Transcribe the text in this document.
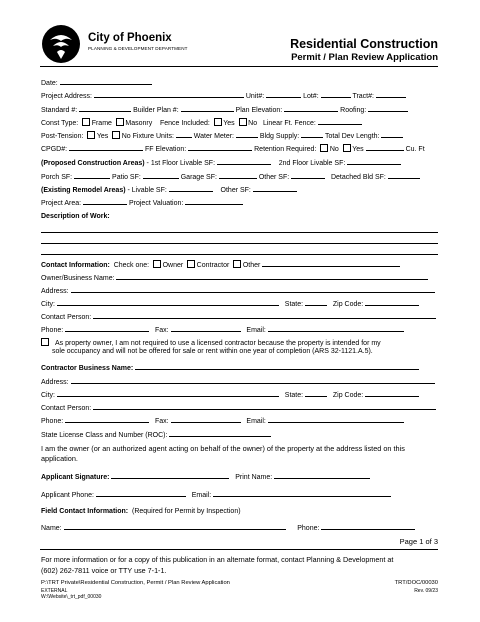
City of Phoenix
PLANNING & DEVELOPMENT DEPARTMENT	Residential Construction
Permit / Plan Review Application
Date:
Project Address:	Unit#:	Lot#:	Tract#:
Standard #:	Builder Plan #:	Plan Elevation:	Roofing:
Const Type: Frame Masonry Fence Included: Yes No Linear Ft. Fence:
Post-Tension: Yes No Fixture Units:	Water Meter:	Bldg Supply:	Total Dev Length:
CPGD#:	FF Elevation:	Retention Required: No Yes	Cu. Ft
(Proposed Construction Areas) - 1st Floor Livable SF:	2nd Floor Livable SF:
Porch SF:	Patio SF:	Garage SF:	Other SF:	Detached Bld SF:
(Existing Remodel Areas) - Livable SF:	Other SF:
Project Area:	Project Valuation:
Description of Work:
Contact Information: Check one: Owner Contractor Other
Owner/Business Name:
Address:
City:	State:	Zip Code:
Contact Person:
Phone:	Fax:	Email:
As property owner, I am not required to use a licensed contractor because the property is intended for my
sole occupancy and will not be offered for sale or rent within one year of completion (ARS 32-1121.A.5).
Contractor Business Name:
Address:
City:	State:	Zip Code:
Contact Person:
Phone:	Fax:	Email:
State License Class and Number (ROC):
I am the owner (or an authorized agent acting on behalf of the owner) of the property at the address listed on this
application.
Applicant Signature:	Print Name:
Applicant Phone:	Email:
Field Contact Information: (Required for Permit by Inspection)
Name:	Phone:
Page 1 of 3
For more information or for a copy of this publication in an alternate format, contact Planning & Development at
(602) 262-7811 voice or TTY use 7-1-1.
P:\TRT Private\Residential Construction, Permit / Plan Review Application	TRT/DOC/00030
EXTERNAL	Rev. 09/23
W:\Website\_trt_pdf_00030
